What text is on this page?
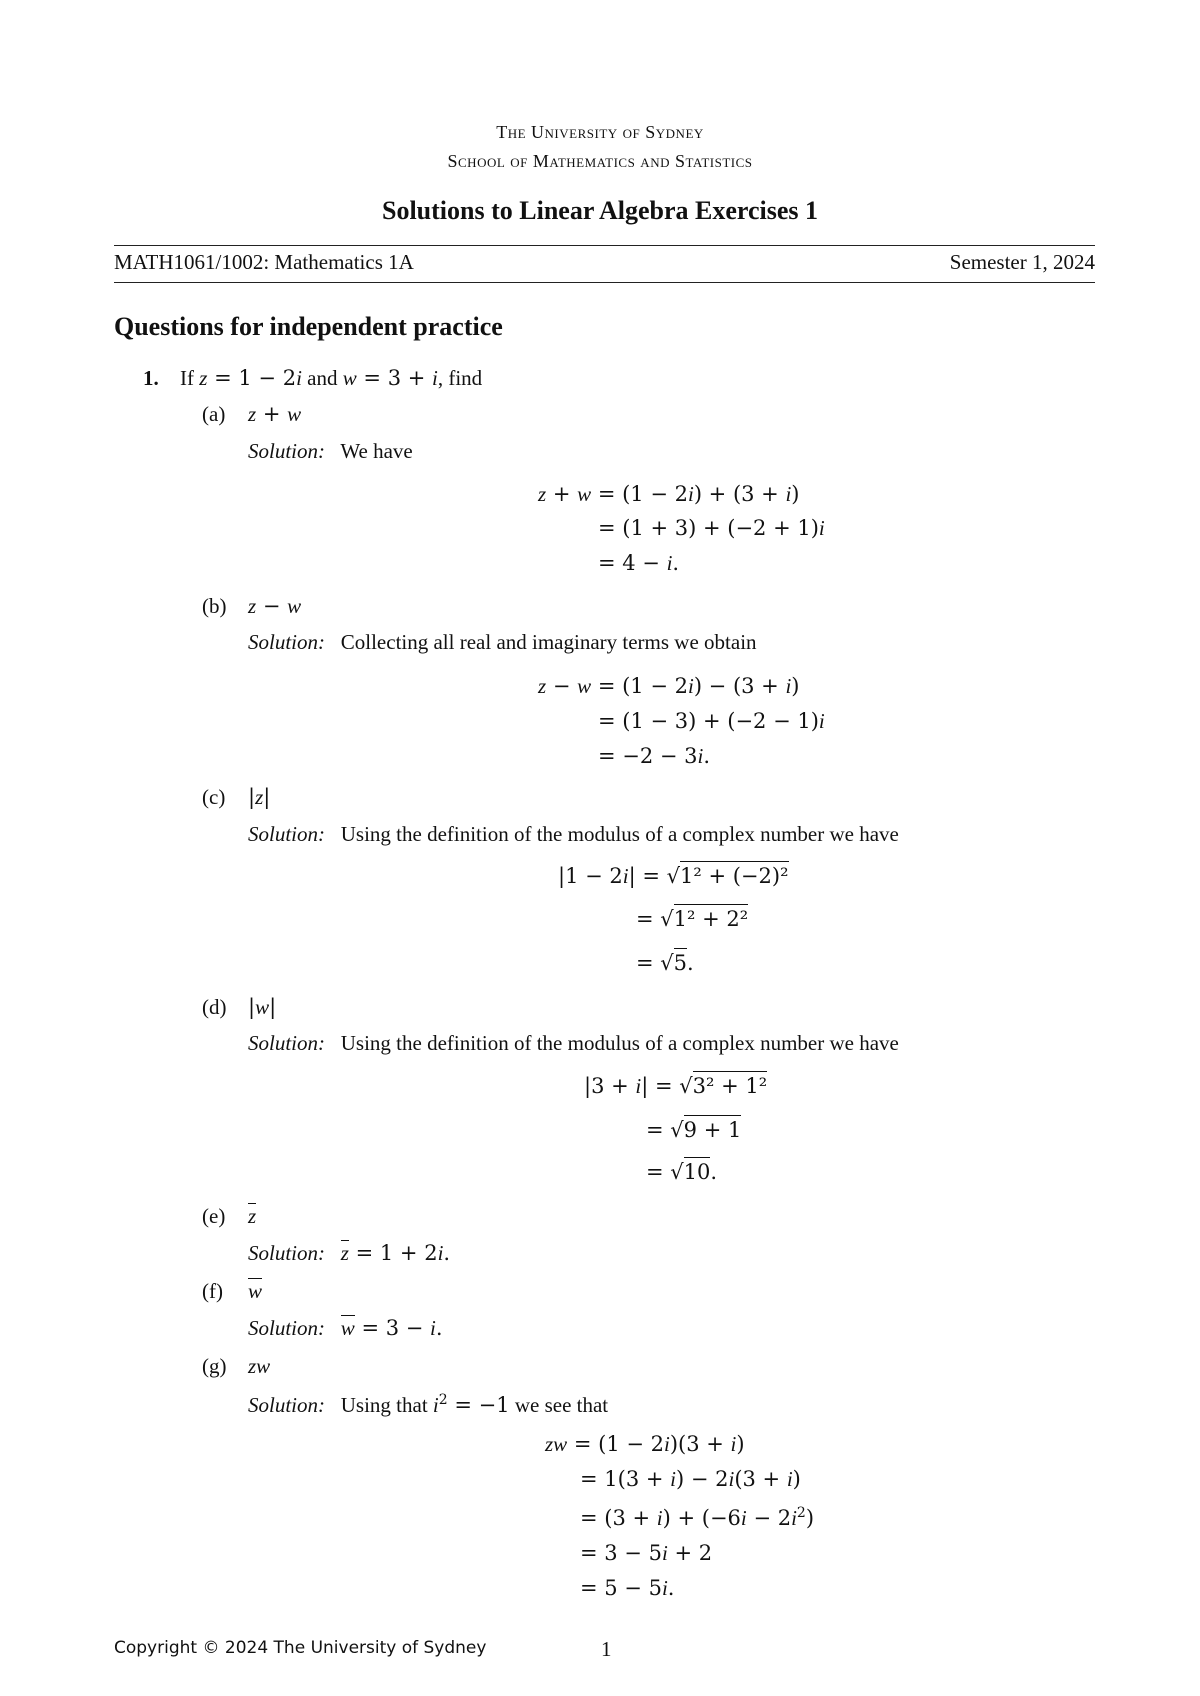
The University of Sydney
School of Mathematics and Statistics
Solutions to Linear Algebra Exercises 1
MATH1061/1002: Mathematics 1A	Semester 1, 2024
Questions for independent practice
1. If z = 1 − 2i and w = 3 + i, find
(a) z + w
Solution: We have
z + w = (1 − 2i) + (3 + i)
= (1 + 3) + (−2 + 1)i
= 4 − i.
(b) z − w
Solution: Collecting all real and imaginary terms we obtain
z − w = (1 − 2i) − (3 + i)
= (1 − 3) + (−2 − 1)i
= −2 − 3i.
(c) |z|
Solution: Using the definition of the modulus of a complex number we have
|1 − 2i| = √1² + (−2)²
= √1² + 2²
= √5.
(d) |w|
Solution: Using the definition of the modulus of a complex number we have
|3 + i| = √3² + 1²
= √9 + 1
= √10.
(e) z
Solution: z = 1 + 2i.
(f) w
Solution: w = 3 − i.
(g) zw
Solution: Using that $i^2 = -1$ we see that
zw = (1 − 2i)(3 + i)
= 1(3 + i) − 2i(3 + i)
= $(3 + i) + (-6i - 2i^2)$
= 3 − 5i + 2
= 5 − 5i.
Copyright © 2024 The University of Sydney	1
